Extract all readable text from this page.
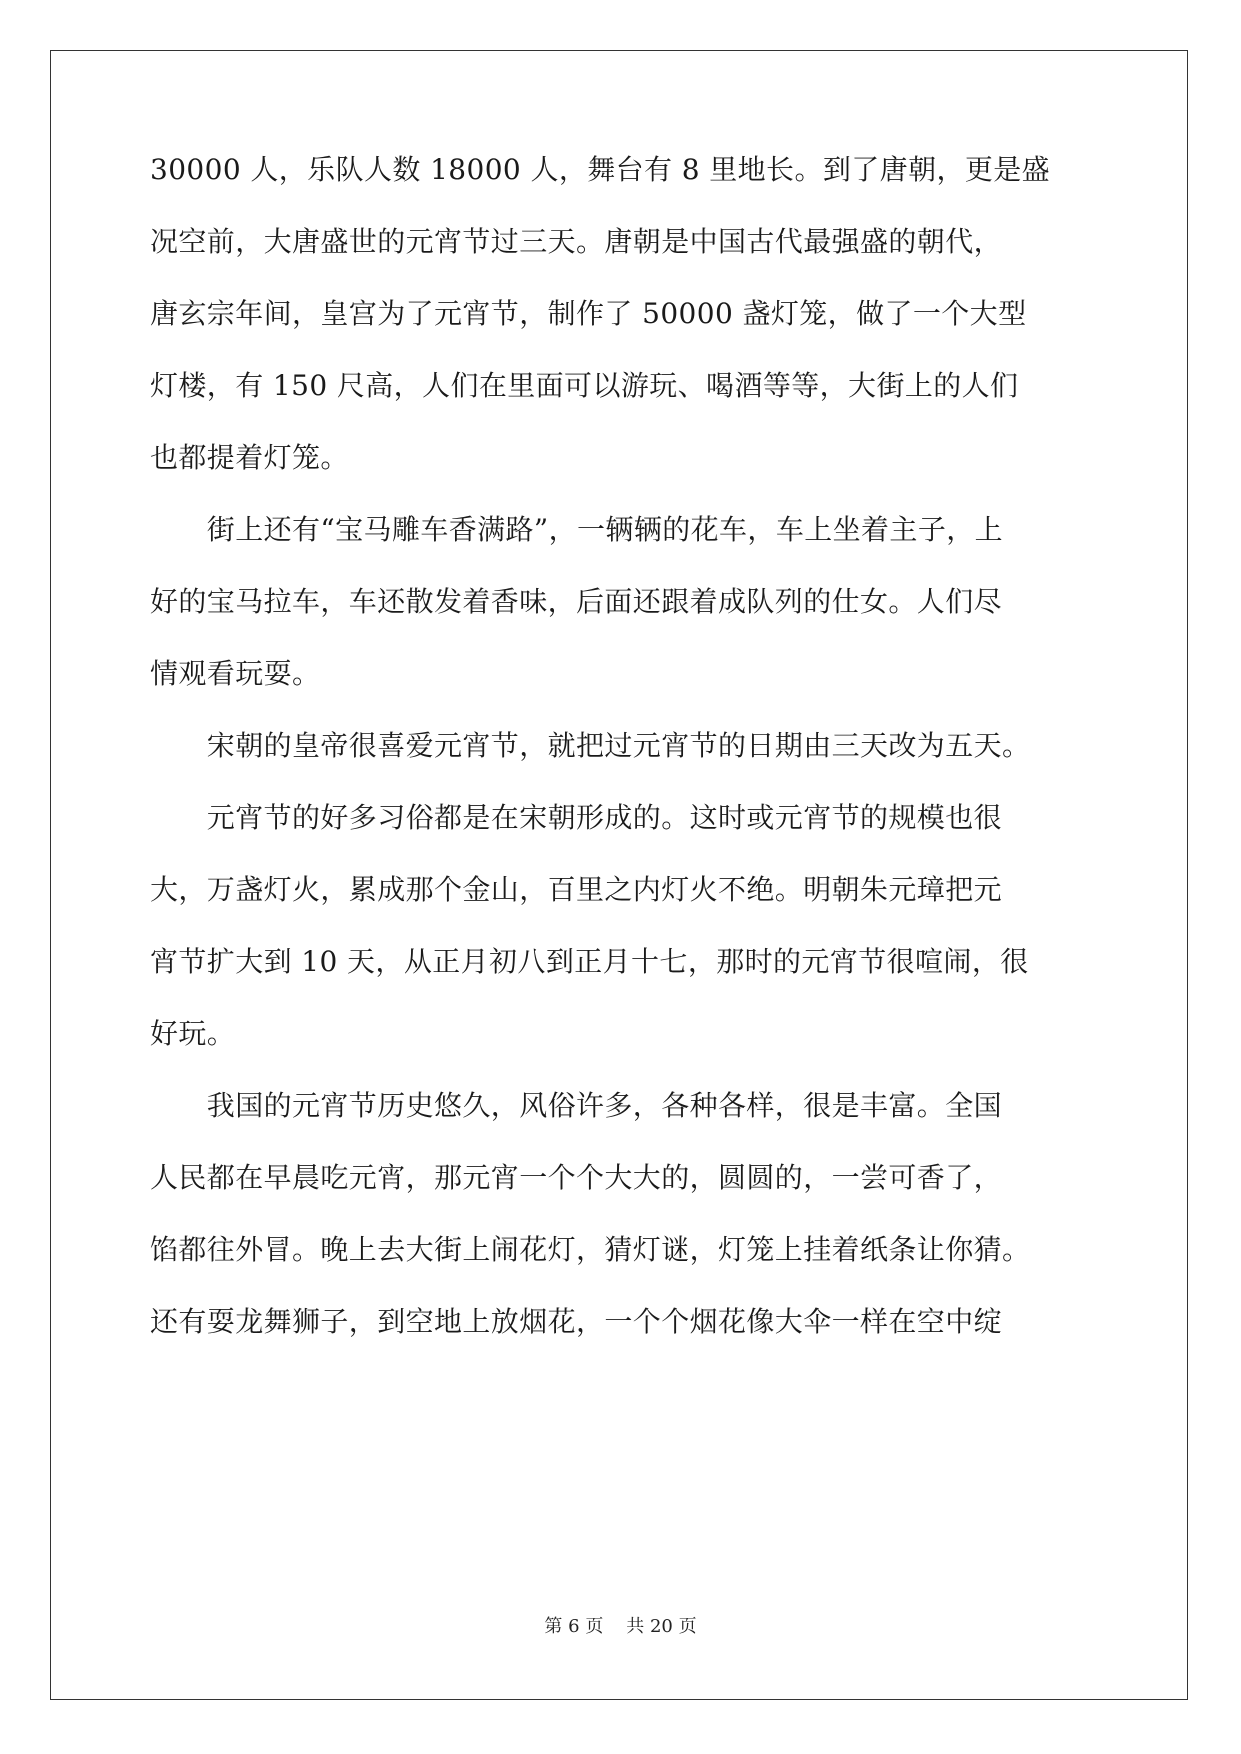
30000 人，乐队人数 18000 人，舞台有 8 里地长。到了唐朝，更是盛
况空前，大唐盛世的元宵节过三天。唐朝是中国古代最强盛的朝代，
唐玄宗年间，皇宫为了元宵节，制作了 50000 盏灯笼，做了一个大型
灯楼，有 150 尺高，人们在里面可以游玩、喝酒等等，大街上的人们
也都提着灯笼。
　　街上还有“宝马雕车香满路”，一辆辆的花车，车上坐着主子，上
好的宝马拉车，车还散发着香味，后面还跟着成队列的仕女。人们尽
情观看玩耍。
　　宋朝的皇帝很喜爱元宵节，就把过元宵节的日期由三天改为五天。
　　元宵节的好多习俗都是在宋朝形成的。这时或元宵节的规模也很
大，万盏灯火，累成那个金山，百里之内灯火不绝。明朝朱元璋把元
宵节扩大到 10 天，从正月初八到正月十七，那时的元宵节很喧闹，很
好玩。
　　我国的元宵节历史悠久，风俗许多，各种各样，很是丰富。全国
人民都在早晨吃元宵，那元宵一个个大大的，圆圆的，一尝可香了，
馅都往外冒。晚上去大街上闹花灯，猜灯谜，灯笼上挂着纸条让你猜。
还有耍龙舞狮子，到空地上放烟花，一个个烟花像大伞一样在空中绽
第 6 页 共 20 页
